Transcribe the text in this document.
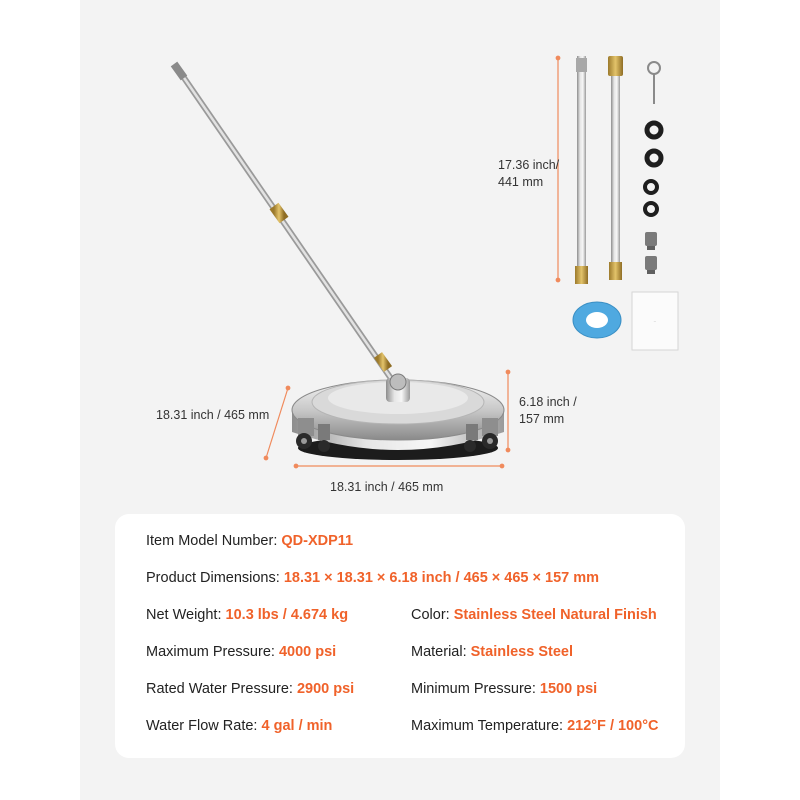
...
17.36 inch/
441 mm
6.18 inch /
157 mm
18.31 inch / 465 mm
18.31 inch / 465 mm
Item Model Number: QD-XDP11
Product Dimensions: 18.31 × 18.31 × 6.18 inch / 465 × 465 × 157 mm
Net Weight: 10.3 lbs / 4.674 kg	Color: Stainless Steel Natural Finish
Maximum Pressure: 4000 psi	Material: Stainless Steel
Rated Water Pressure: 2900 psi	Minimum Pressure: 1500 psi
Water Flow Rate: 4 gal / min	Maximum Temperature: 212°F / 100°C
